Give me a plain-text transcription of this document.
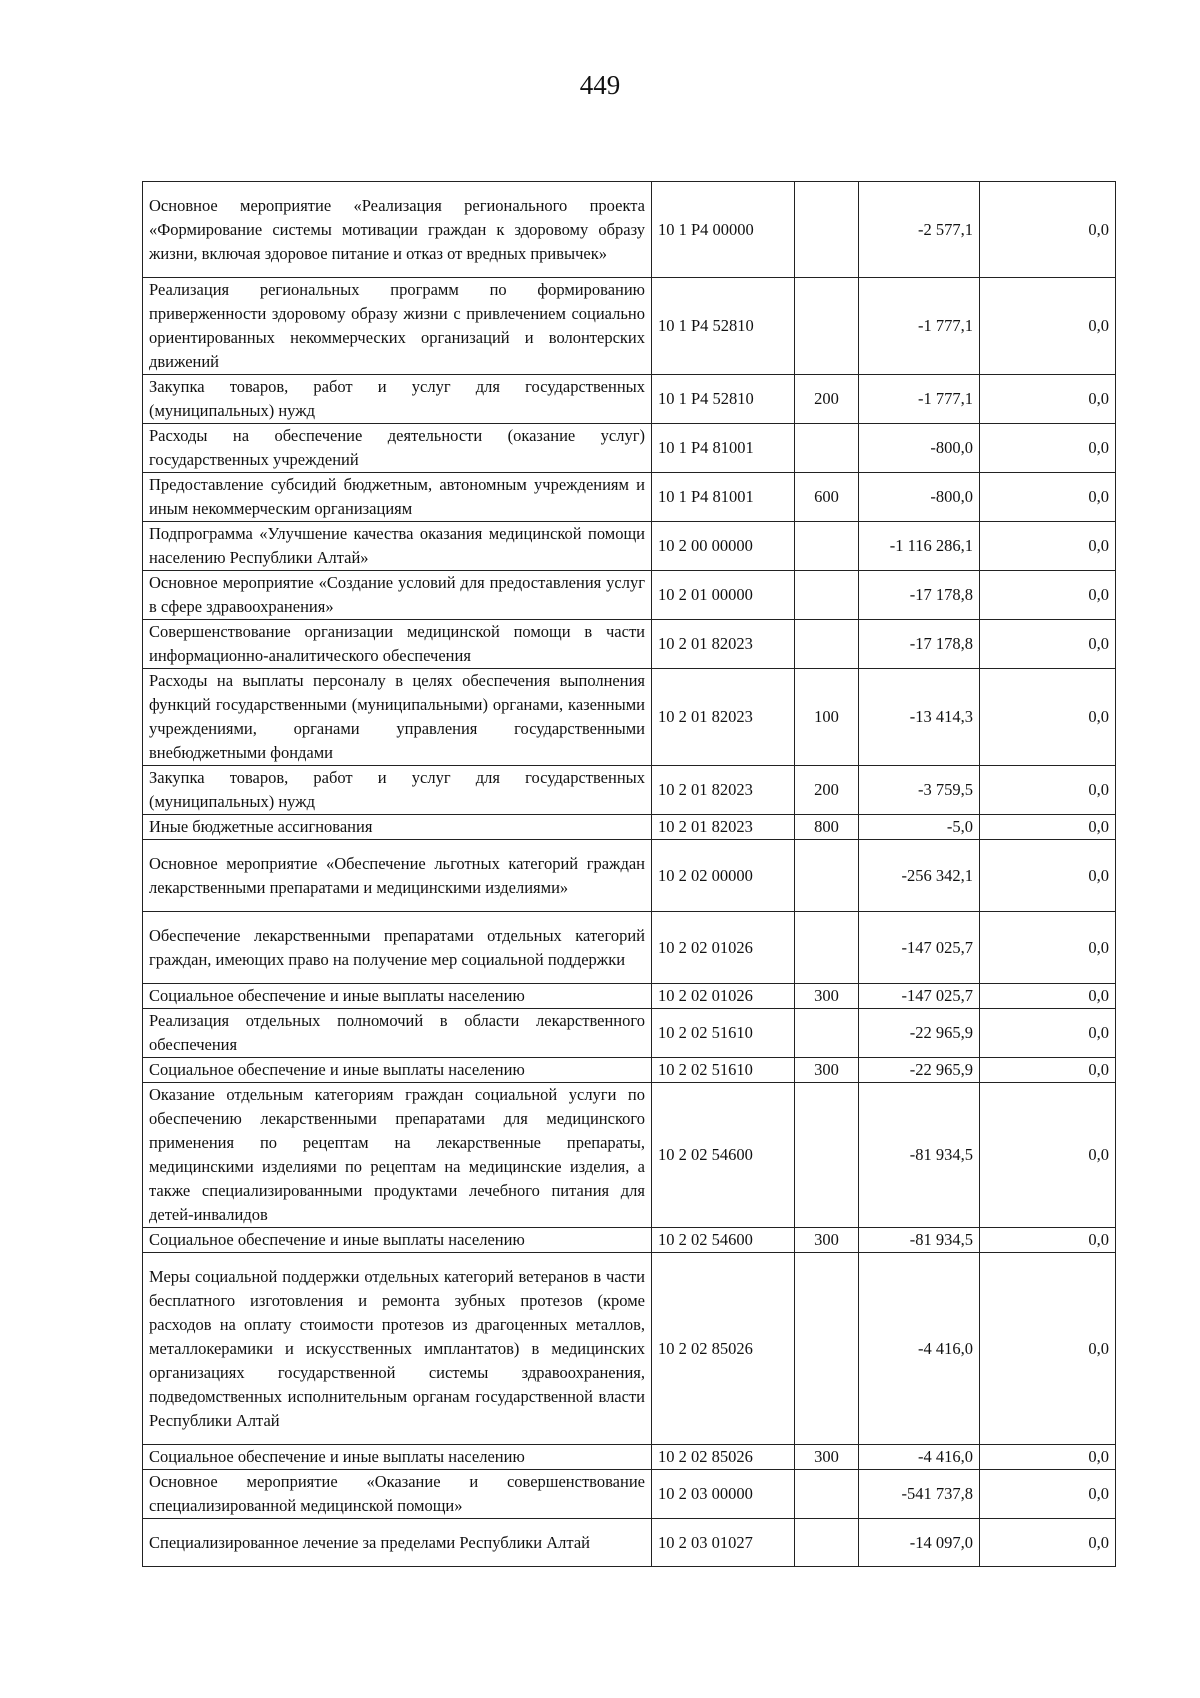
449
Основное мероприятие «Реализация регионального проекта «Формирование системы мотивации граждан к здоровому образу жизни, включая здоровое питание и отказ от вредных привычек»	10 1 P4 00000		-2 577,1	0,0
Реализация региональных программ по формированию приверженности здоровому образу жизни с привлечением социально ориентированных некоммерческих организаций и волонтерских движений	10 1 P4 52810		-1 777,1	0,0
Закупка товаров, работ и услуг для государственных (муниципальных) нужд	10 1 P4 52810	200	-1 777,1	0,0
Расходы на обеспечение деятельности (оказание услуг) государственных учреждений	10 1 P4 81001		-800,0	0,0
Предоставление субсидий бюджетным, автономным учреждениям и иным некоммерческим организациям	10 1 P4 81001	600	-800,0	0,0
Подпрограмма «Улучшение качества оказания медицинской помощи населению Республики Алтай»	10 2 00 00000		-1 116 286,1	0,0
Основное мероприятие «Создание условий для предоставления услуг в сфере здравоохранения»	10 2 01 00000		-17 178,8	0,0
Совершенствование организации медицинской помощи в части информационно-аналитического обеспечения	10 2 01 82023		-17 178,8	0,0
Расходы на выплаты персоналу в целях обеспечения выполнения функций государственными (муниципальными) органами, казенными учреждениями, органами управления государственными внебюджетными фондами	10 2 01 82023	100	-13 414,3	0,0
Закупка товаров, работ и услуг для государственных (муниципальных) нужд	10 2 01 82023	200	-3 759,5	0,0
Иные бюджетные ассигнования	10 2 01 82023	800	-5,0	0,0
Основное мероприятие «Обеспечение льготных категорий граждан лекарственными препаратами и медицинскими изделиями»	10 2 02 00000		-256 342,1	0,0
Обеспечение лекарственными препаратами отдельных категорий граждан, имеющих право на получение мер социальной поддержки	10 2 02 01026		-147 025,7	0,0
Социальное обеспечение и иные выплаты населению	10 2 02 01026	300	-147 025,7	0,0
Реализация отдельных полномочий в области лекарственного обеспечения	10 2 02 51610		-22 965,9	0,0
Социальное обеспечение и иные выплаты населению	10 2 02 51610	300	-22 965,9	0,0
Оказание отдельным категориям граждан социальной услуги по обеспечению лекарственными препаратами для медицинского применения по рецептам на лекарственные препараты, медицинскими изделиями по рецептам на медицинские изделия, а также специализированными продуктами лечебного питания для детей-инвалидов	10 2 02 54600		-81 934,5	0,0
Социальное обеспечение и иные выплаты населению	10 2 02 54600	300	-81 934,5	0,0
Меры социальной поддержки отдельных категорий ветеранов в части бесплатного изготовления и ремонта зубных протезов (кроме расходов на оплату стоимости протезов из драгоценных металлов, металлокерамики и искусственных имплантатов) в медицинских организациях государственной системы здравоохранения, подведомственных исполнительным органам государственной власти Республики Алтай	10 2 02 85026		-4 416,0	0,0
Социальное обеспечение и иные выплаты населению	10 2 02 85026	300	-4 416,0	0,0
Основное мероприятие «Оказание и совершенствование специализированной медицинской помощи»	10 2 03 00000		-541 737,8	0,0
Специализированное лечение за пределами Республики Алтай	10 2 03 01027		-14 097,0	0,0
